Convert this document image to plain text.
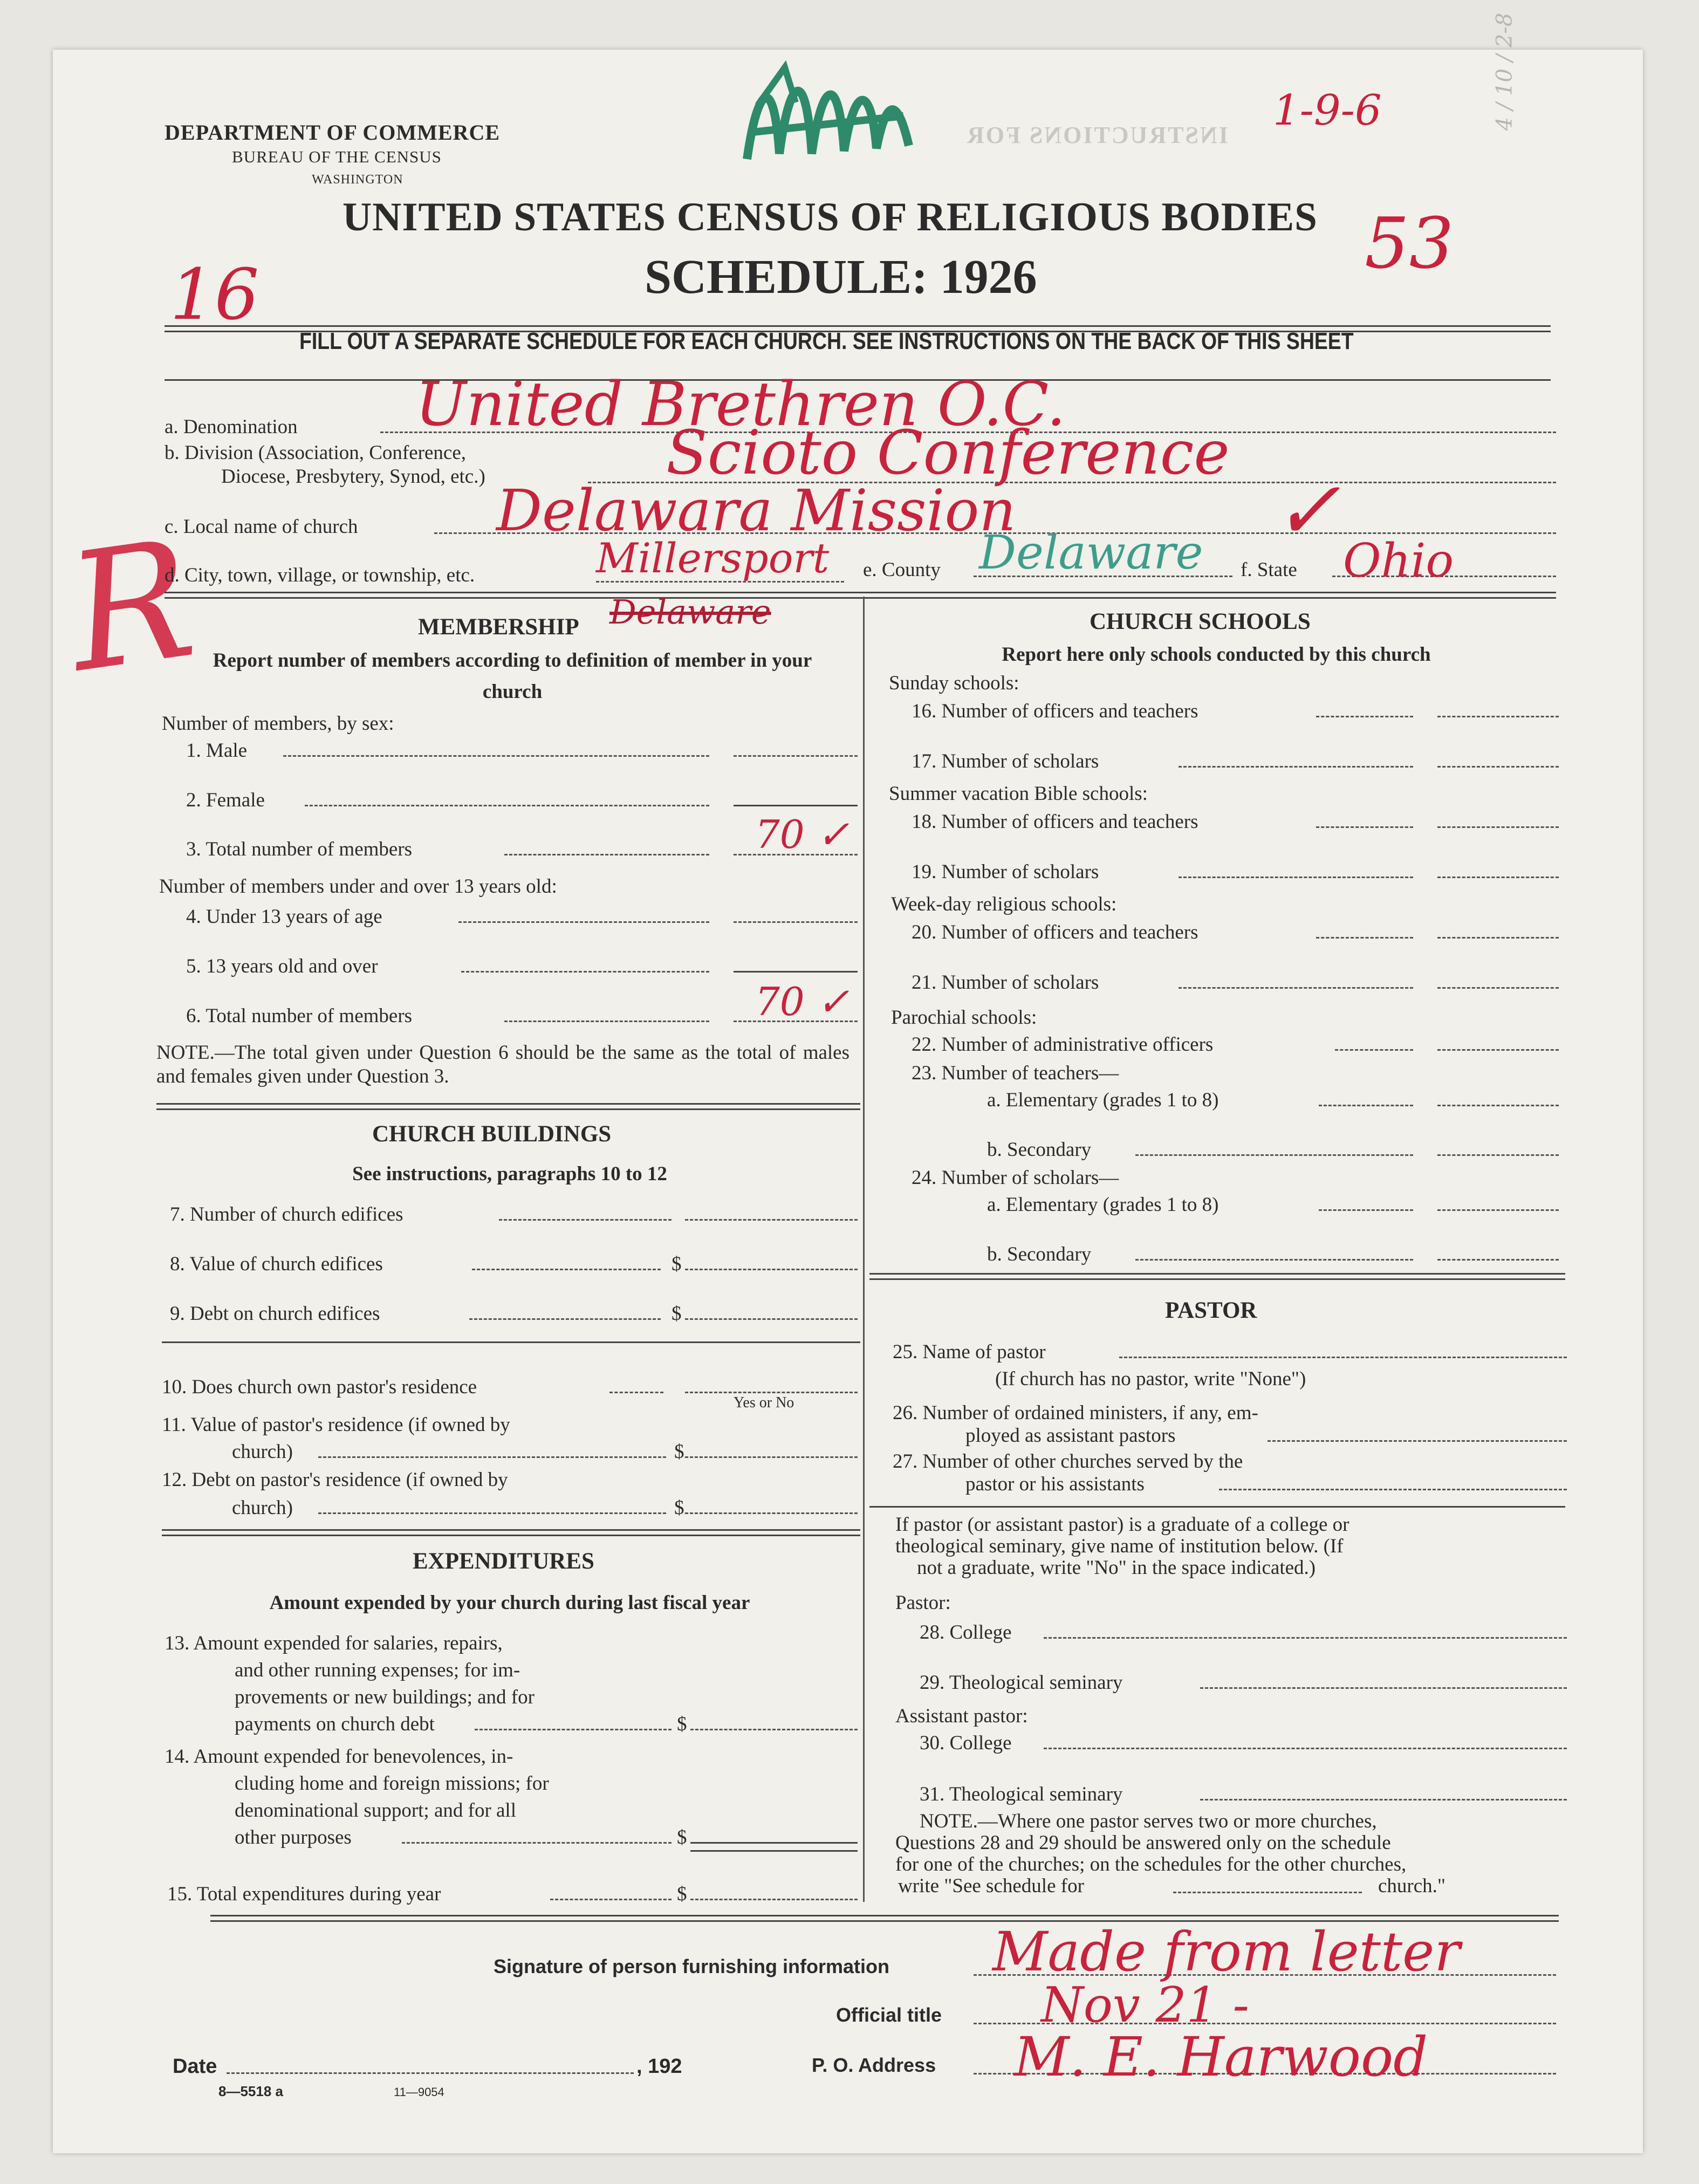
INSTRUCTIONS FOR
DEPARTMENT OF COMMERCE
BUREAU OF THE CENSUS
WASHINGTON
UNITED STATES CENSUS OF RELIGIOUS BODIES
SCHEDULE: 1926
1-9-6
16
53
R
4 / 10 / 2-8
FILL OUT A SEPARATE SCHEDULE FOR EACH CHURCH. SEE INSTRUCTIONS ON THE BACK OF THIS SHEET
a. Denomination United Brethren O.C.
b. Division (Association, Conference,
Diocese, Presbytery, Synod, etc.)	Scioto Conference
c. Local name of church Delawara Mission
d. City, town, village, or township, etc.	Millersport e. County Delaware f. State Ohio
✓
MEMBERSHIP Delaware
Report number of members according to definition of member in your church
Number of members, by sex:
1. Male
2. Female
3. Total number of members	70 ✓
Number of members under and over 13 years old:
4. Under 13 years of age
5. 13 years old and over
6. Total number of members	70 ✓
NOTE.—The total given under Question 6 should be the same as the total of males and females given under Question 3.
CHURCH BUILDINGS
See instructions, paragraphs 10 to 12
7. Number of church edifices
8. Value of church edifices	$
9. Debt on church edifices	$
10. Does church own pastor's residence
Yes or No
11. Value of pastor's residence (if owned by
church)	$
12. Debt on pastor's residence (if owned by
church)	$
EXPENDITURES
Amount expended by your church during last fiscal year
13. Amount expended for salaries, repairs,
and other running expenses; for im-
provements or new buildings; and for
payments on church debt	$
14. Amount expended for benevolences, in-
cluding home and foreign missions; for
denominational support; and for all
other purposes	$
15. Total expenditures during year	$
CHURCH SCHOOLS
Report here only schools conducted by this church
Sunday schools:
16. Number of officers and teachers
17. Number of scholars
Summer vacation Bible schools:
18. Number of officers and teachers
19. Number of scholars
Week-day religious schools:
20. Number of officers and teachers
21. Number of scholars
Parochial schools:
22. Number of administrative officers
23. Number of teachers—
a. Elementary (grades 1 to 8)
b. Secondary
24. Number of scholars—
a. Elementary (grades 1 to 8)
b. Secondary
PASTOR
25. Name of pastor
(If church has no pastor, write "None")
26. Number of ordained ministers, if any, em-
ployed as assistant pastors
27. Number of other churches served by the
pastor or his assistants
If pastor (or assistant pastor) is a graduate of a college or
theological seminary, give name of institution below. (If
not a graduate, write "No" in the space indicated.)
Pastor:
28. College
29. Theological seminary
Assistant pastor:
30. College
31. Theological seminary
NOTE.—Where one pastor serves two or more churches,
Questions 28 and 29 should be answered only on the schedule
for one of the churches; on the schedules for the other churches,
write "See schedule for	church."
Signature of person furnishing information Made from letter
Official title Nov 21 -
Date	, 192	P. O. Address M. E. Harwood
8—5518 a	11—9054
